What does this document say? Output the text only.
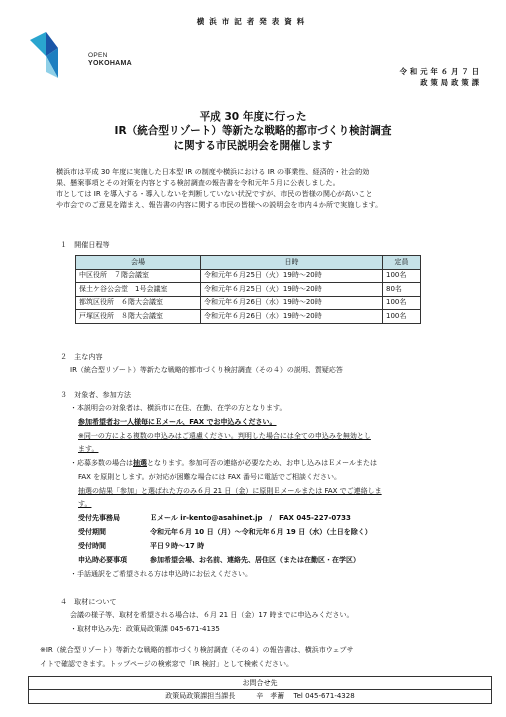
OPEN
YOKOHAMA
横浜市記者発表資料
令和元年６月７日
政策局政策課
平成 30 年度に行った
IR（統合型リゾート）等新たな戦略的都市づくり検討調査
に関する市民説明会を開催します

横浜市は平成 30 年度に実施した日本型 IR の制度や横浜における IR の事業性、経済的・社会的効

果、懸案事項とその対策を内容とする検討調査の報告書を令和元年５月に公表しました。

市としては IR を導入する・導入しないを判断していない状況ですが、市民の皆様の関心が高いこと

や市会でのご意見を踏まえ、報告書の内容に関する市民の皆様への説明会を市内４か所で実施します。
１　開催日程等
会場	日時	定員
中区役所　７階会議室	令和元年６月25日（火）19時～20時	100名
保土ケ谷公会堂　1号会議室	令和元年６月25日（火）19時～20時	80名
都筑区役所　６階大会議室	令和元年６月26日（水）19時～20時	100名
戸塚区役所　８階大会議室	令和元年６月26日（水）19時～20時	100名
２　主な内容
IR（統合型リゾート）等新たな戦略的都市づくり検討調査（その４）の説明、質疑応答
３　対象者、参加方法
・本説明会の対象者は、横浜市に在住、在勤、在学の方となります。
参加希望者お一人様毎にＥメール、FAX でお申込みください。
※同一の方による複数の申込みはご遠慮ください。判明した場合には全ての申込みを無効とし
ます。
・応募多数の場合は抽選となります。参加可否の連絡が必要なため、お申し込みはＥメールまたは
FAX を原則とします。が対応が困難な場合には FAX 番号に電話でご相談ください。
抽選の結果「参加」と選ばれた方のみ６月 21 日（金）に原則Ｅメールまたは FAX でご連絡しま
す。
受付先事務局	Ｅメール ir-kento@asahinet.jp　/　FAX 045-227-0733
受付期間	令和元年６月 10 日（月）～令和元年６月 19 日（水）（土日を除く）
受付時間	平日９時～17 時
申込時必要事項	参加希望会場、お名前、連絡先、居住区（または在勤区・在学区）
・手話通訳をご希望される方は申込時にお伝えください。
４　取材について
会議の様子等、取材を希望される場合は、６月 21 日（金）17 時までに申込みください。
・取材申込み先：政策局政策課 045-671-4135
※IR（統合型リゾート）等新たな戦略的都市づくり検討調査（その４）の報告書は、横浜市ウェブサ
イトで確認できます。トップページの検索窓で「IR 検討」として検索ください。
お問合せ先
政策局政策課担当課長　　　辛　孝蓄　 Tel 045-671-4328
